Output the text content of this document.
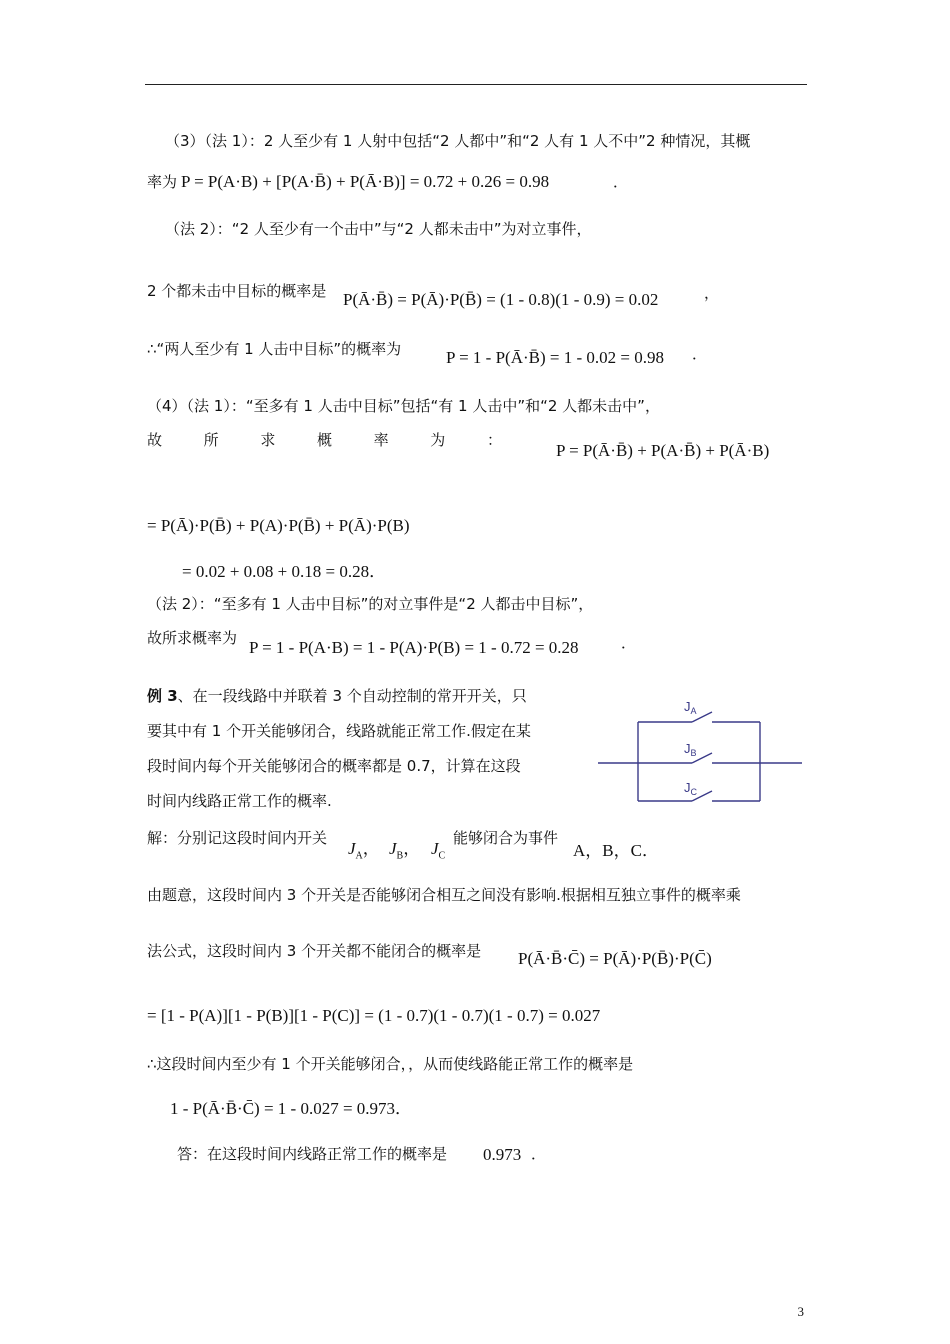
（3）（法 1）：2 人至少有 1 人射中包括“2 人都中”和“2 人有 1 人不中”2 种情况，其概
率为 P = P(A·B) + [P(A·B̄) + P(Ā·B)] = 0.72 + 0.26 = 0.98	．
（法 2）：“2 人至少有一个击中”与“2 人都未击中”为对立事件，
2 个都未击中目标的概率是 P(Ā·B̄) = P(Ā)·P(B̄) = (1 - 0.8)(1 - 0.9) = 0.02	，
∴“两人至少有 1 人击中目标”的概率为	P = 1 - P(Ā·B̄) = 1 - 0.02 = 0.98 ．
（4）（法 1）：“至多有 1 人击中目标”包括“有 1 人击中”和“2 人都未击中”，
故	所	求	概	率	为	：
P = P(Ā·B̄) + P(A·B̄) + P(Ā·B)
= P(Ā)·P(B̄) + P(A)·P(B̄) + P(Ā)·P(B)
= 0.02 + 0.08 + 0.18 = 0.28．
（法 2）：“至多有 1 人击中目标”的对立事件是“2 人都击中目标”，
故所求概率为 P = 1 - P(A·B) = 1 - P(A)·P(B) = 1 - 0.72 = 0.28	．
例 3、在一段线路中并联着 3 个自动控制的常开开关，只
要其中有 1 个开关能够闭合，线路就能正常工作.假定在某
段时间内每个开关能够闭合的概率都是 0.7，计算在这段
时间内线路正常工作的概率.
$J_A$
$J_B$
$J_C$
解：分别记这段时间内开关
$J_A$， $J_B$， $J_C$
能够闭合为事件
A，B，C．
由题意，这段时间内 3 个开关是否能够闭合相互之间没有影响.根据相互独立事件的概率乘
法公式，这段时间内 3 个开关都不能闭合的概率是 P(Ā·B̄·C̄) = P(Ā)·P(B̄)·P(C̄)
= [1 - P(A)][1 - P(B)][1 - P(C)] = (1 - 0.7)(1 - 0.7)(1 - 0.7) = 0.027
∴这段时间内至少有 1 个开关能够闭合，，从而使线路能正常工作的概率是
1 - P(Ā·B̄·C̄) = 1 - 0.027 = 0.973．
答：在这段时间内线路正常工作的概率是 0.973 ．
3
